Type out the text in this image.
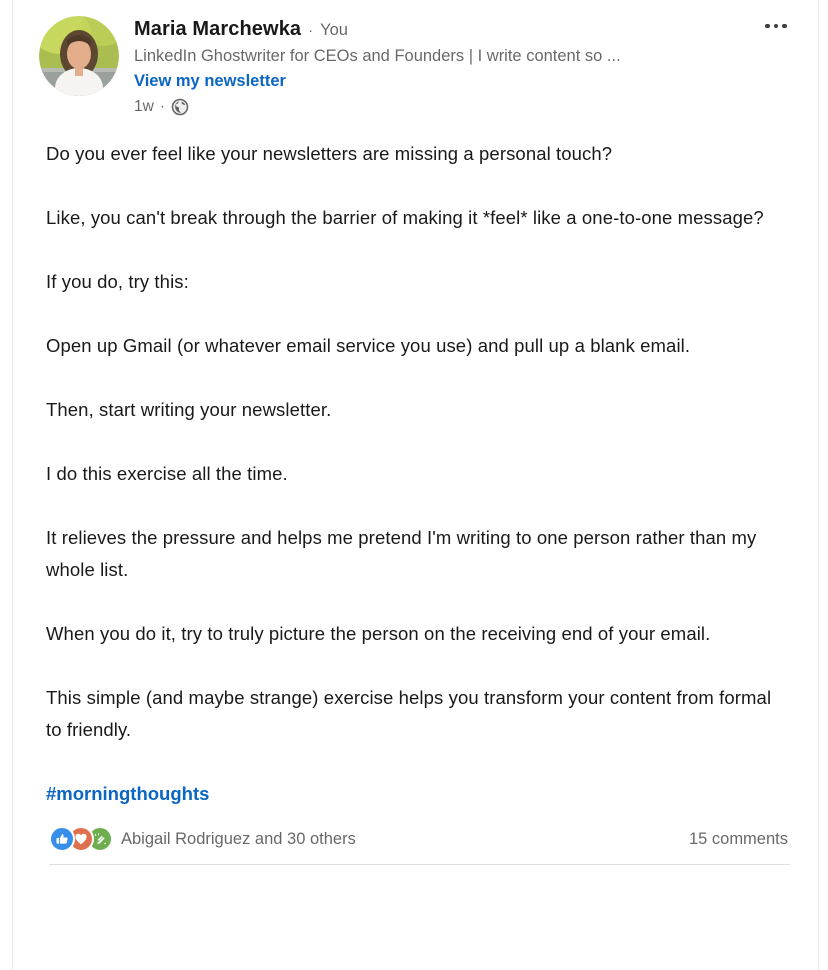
Maria Marchewka · You
LinkedIn Ghostwriter for CEOs and Founders | I write content so ...
View my newsletter
1w ·

Do you ever feel like your newsletters are missing a personal touch?

Like, you can't break through the barrier of making it *feel* like a one-to-one message?

If you do, try this:

Open up Gmail (or whatever email service you use) and pull up a blank email.

Then, start writing your newsletter.

I do this exercise all the time.

It relieves the pressure and helps me pretend I'm writing to one person rather than my whole list.

When you do it, try to truly picture the person on the receiving end of your email.

This simple (and maybe strange) exercise helps you transform your content from formal to friendly.

#morningthoughts
Abigail Rodriguez and 30 others	15 comments
